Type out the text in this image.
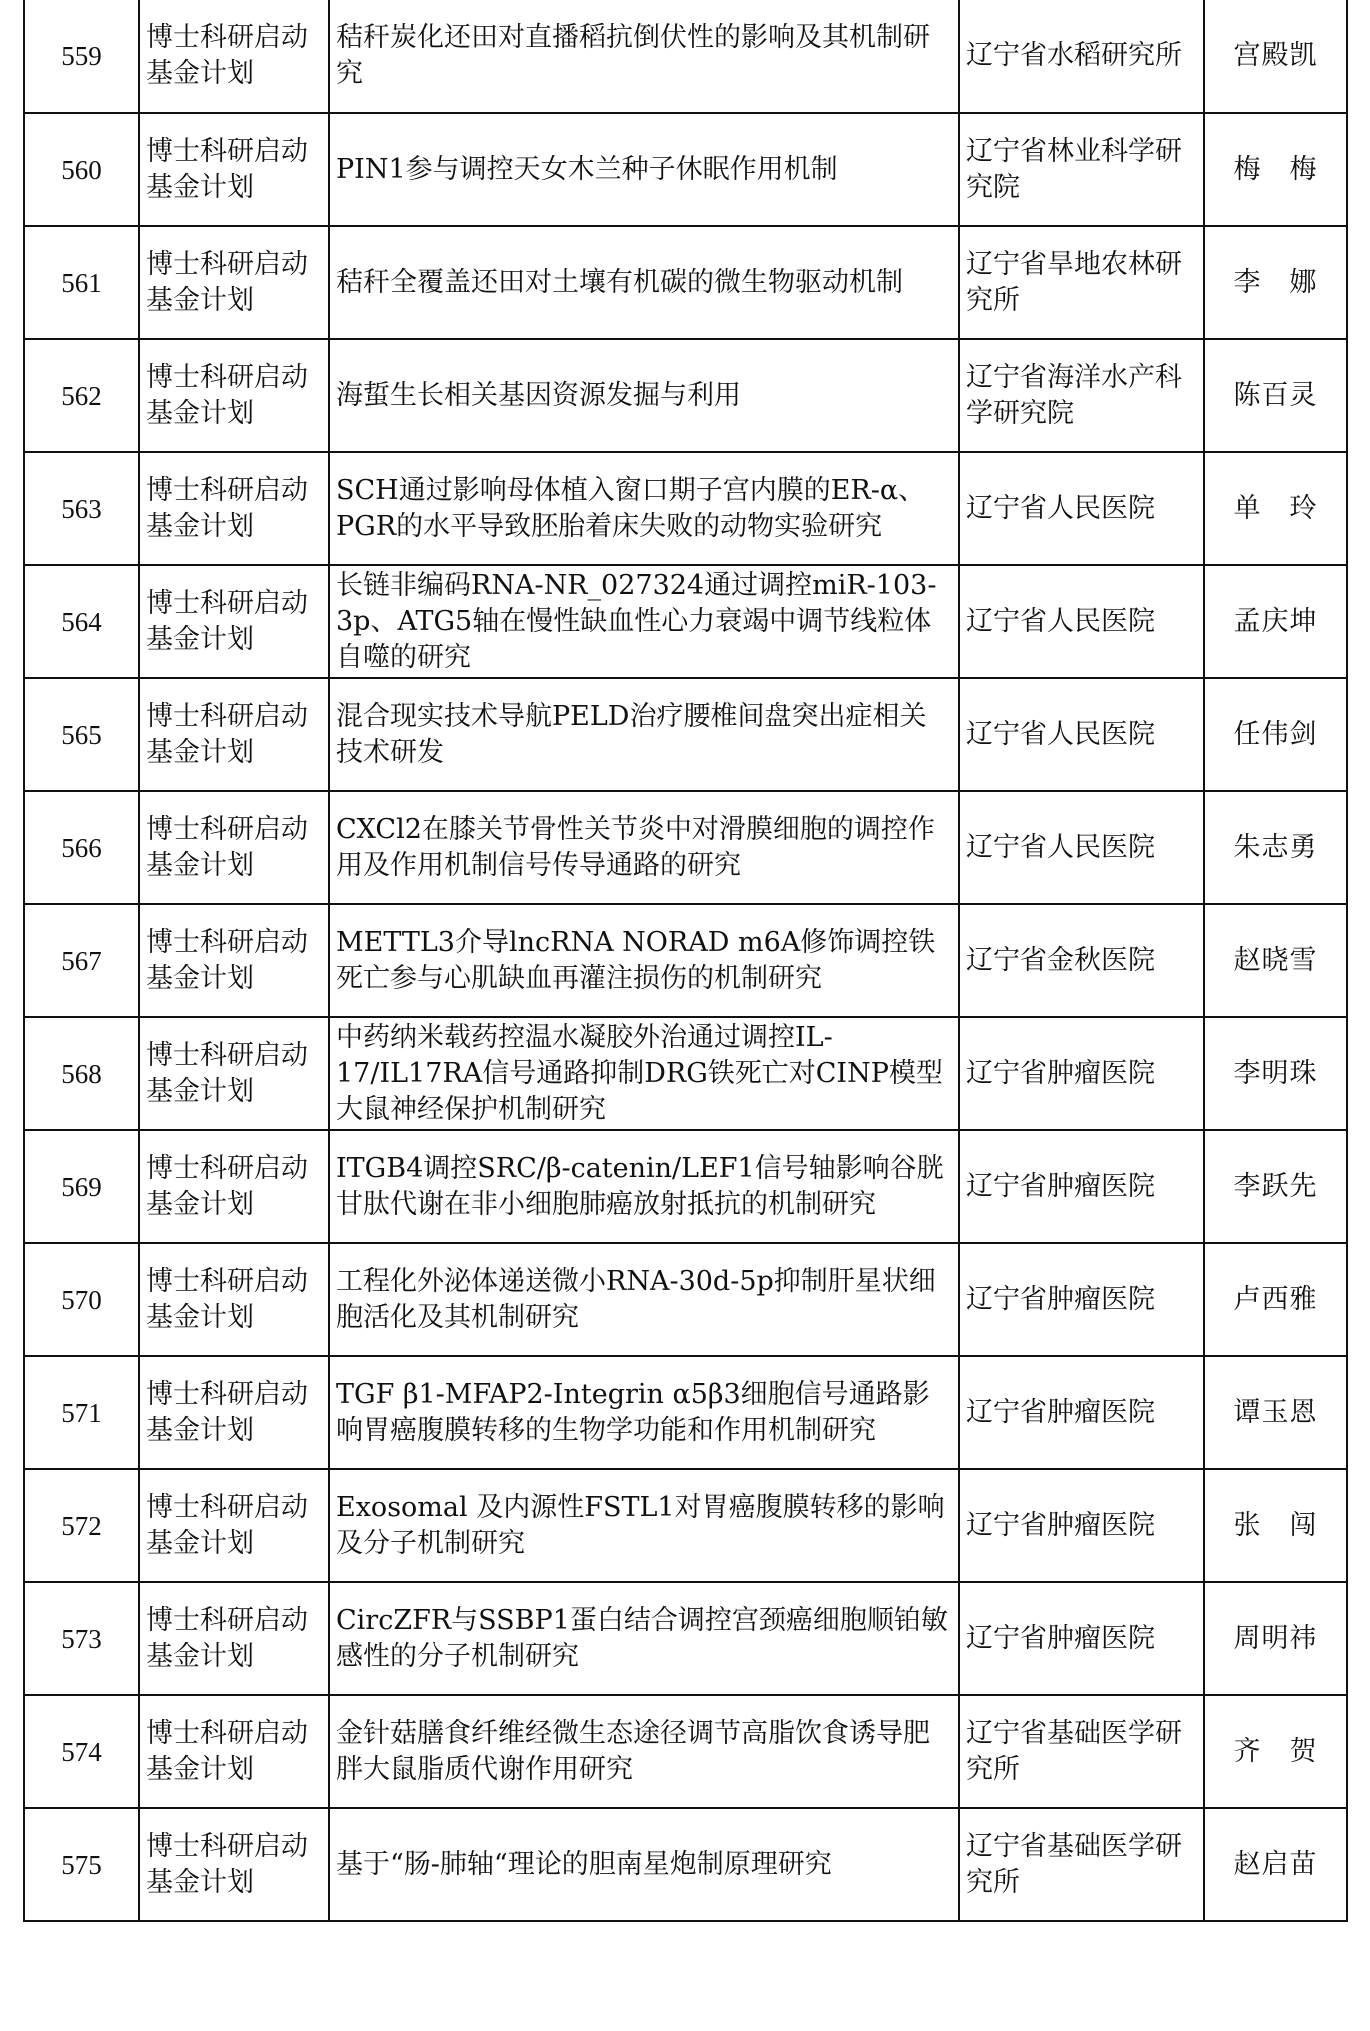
559	博士科研启动基金计划	秸秆炭化还田对直播稻抗倒伏性的影响及其机制研究	辽宁省水稻研究所	宫殿凯
560	博士科研启动基金计划	PIN1参与调控天女木兰种子休眠作用机制	辽宁省林业科学研究院	梅　梅
561	博士科研启动基金计划	秸秆全覆盖还田对土壤有机碳的微生物驱动机制	辽宁省旱地农林研究所	李　娜
562	博士科研启动基金计划	海蜇生长相关基因资源发掘与利用	辽宁省海洋水产科学研究院	陈百灵
563	博士科研启动基金计划	SCH通过影响母体植入窗口期子宫内膜的ER-α、PGR的水平导致胚胎着床失败的动物实验研究	辽宁省人民医院	单　玲
564	博士科研启动基金计划	长链非编码RNA-NR_027324通过调控miR-103-3p、ATG5轴在慢性缺血性心力衰竭中调节线粒体自噬的研究	辽宁省人民医院	孟庆坤
565	博士科研启动基金计划	混合现实技术导航PELD治疗腰椎间盘突出症相关技术研发	辽宁省人民医院	任伟剑
566	博士科研启动基金计划	CXCl2在膝关节骨性关节炎中对滑膜细胞的调控作用及作用机制信号传导通路的研究	辽宁省人民医院	朱志勇
567	博士科研启动基金计划	METTL3介导lncRNA NORAD m6A修饰调控铁死亡参与心肌缺血再灌注损伤的机制研究	辽宁省金秋医院	赵晓雪
568	博士科研启动基金计划	中药纳米载药控温水凝胶外治通过调控IL-17/IL17RA信号通路抑制DRG铁死亡对CINP模型大鼠神经保护机制研究	辽宁省肿瘤医院	李明珠
569	博士科研启动基金计划	ITGB4调控SRC/β-catenin/LEF1信号轴影响谷胱甘肽代谢在非小细胞肺癌放射抵抗的机制研究	辽宁省肿瘤医院	李跃先
570	博士科研启动基金计划	工程化外泌体递送微小RNA-30d-5p抑制肝星状细胞活化及其机制研究	辽宁省肿瘤医院	卢西雅
571	博士科研启动基金计划	TGF β1-MFAP2-Integrin α5β3细胞信号通路影响胃癌腹膜转移的生物学功能和作用机制研究	辽宁省肿瘤医院	谭玉恩
572	博士科研启动基金计划	Exosomal 及内源性FSTL1对胃癌腹膜转移的影响及分子机制研究	辽宁省肿瘤医院	张　闯
573	博士科研启动基金计划	CircZFR与SSBP1蛋白结合调控宫颈癌细胞顺铂敏感性的分子机制研究	辽宁省肿瘤医院	周明祎
574	博士科研启动基金计划	金针菇膳食纤维经微生态途径调节高脂饮食诱导肥胖大鼠脂质代谢作用研究	辽宁省基础医学研究所	齐　贺
575	博士科研启动基金计划	基于“肠-肺轴“理论的胆南星炮制原理研究	辽宁省基础医学研究所	赵启苗
